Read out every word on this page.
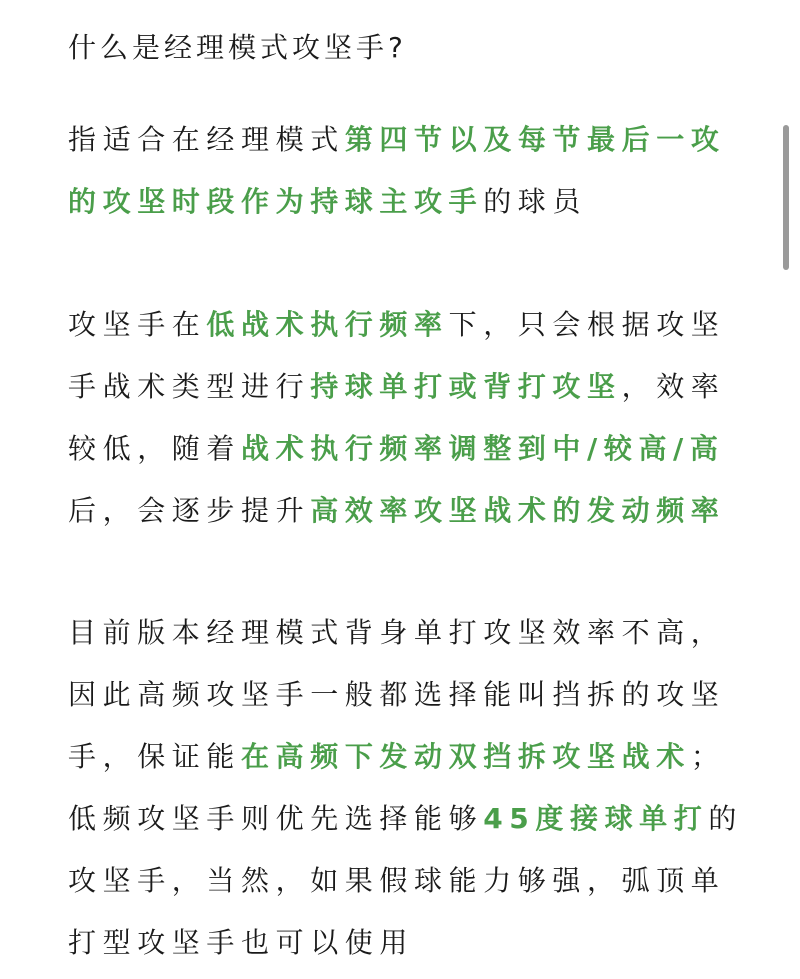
什么是经理模式攻坚手?
指适合在经理模式第四节以及每节最后一攻
的攻坚时段作为持球主攻手的球员
攻坚手在低战术执行频率下，只会根据攻坚
手战术类型进行持球单打或背打攻坚，效率
较低，随着战术执行频率调整到中/较高/高
后，会逐步提升高效率攻坚战术的发动频率
目前版本经理模式背身单打攻坚效率不高，
因此高频攻坚手一般都选择能叫挡拆的攻坚
手，保证能在高频下发动双挡拆攻坚战术；
低频攻坚手则优先选择能够45度接球单打的
攻坚手，当然，如果假球能力够强，弧顶单
打型攻坚手也可以使用
